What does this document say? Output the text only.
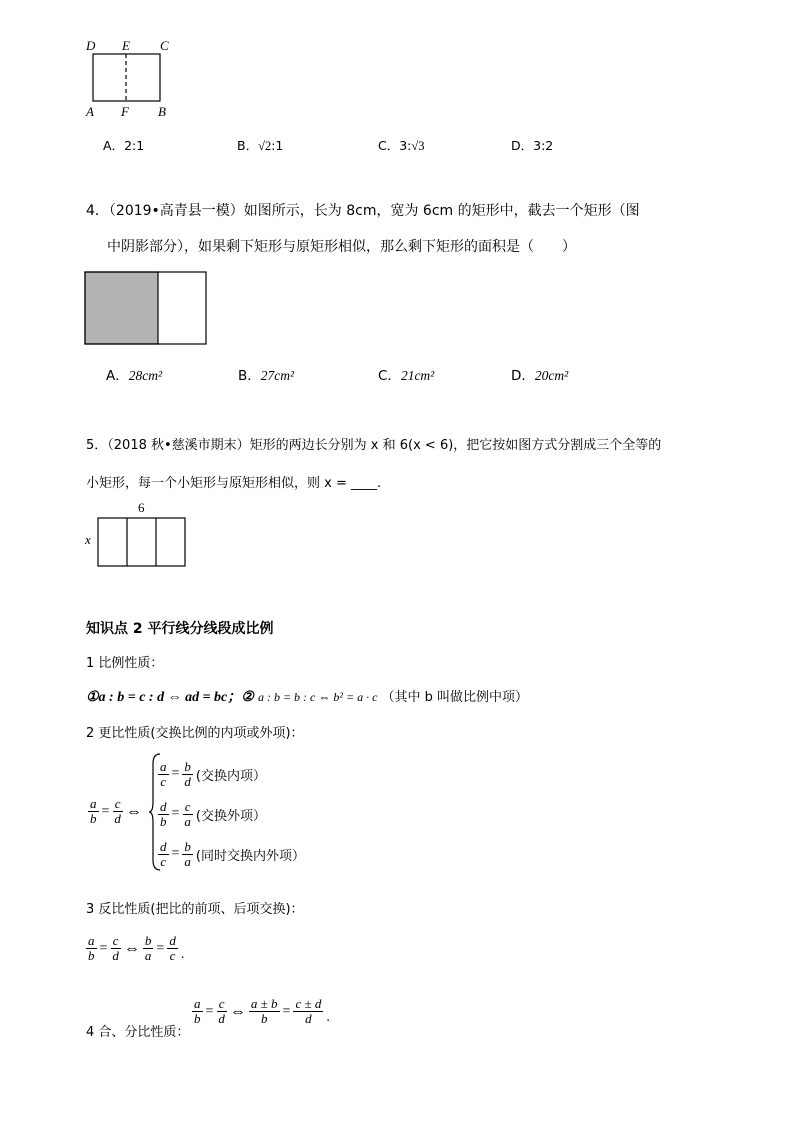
D E C
A F B
A．2:1	B．√2:1	C．3:√3	D．3:2
4．（2019•高青县一模）如图所示，长为 8cm，宽为 6cm 的矩形中，截去一个矩形（图
中阴影部分），如果剩下矩形与原矩形相似，那么剩下矩形的面积是（　　）
A．28cm²	B．27cm²	C．21cm²	D．20cm²
5．（2018 秋•慈溪市期末）矩形的两边长分别为 x 和 6(x < 6)，把它按如图方式分割成三个全等的
小矩形，每一个小矩形与原矩形相似，则 x = ____.
6
x
知识点 2 平行线分线段成比例
1 比例性质：
①a : b = c : d ⇔ ad = bc；② a : b = b : c ⇔ b² = a · c （其中 b 叫做比例中项）
2 更比性质(交换比例的内项或外项)：
$\frac{a}{b} = \frac{c}{d}$ ⇔
$\frac{a}{c} = \frac{b}{d}$ (交换内项）
$\frac{d}{b} = \frac{c}{a}$ (交换外项）
$\frac{d}{c} = \frac{b}{a}$ (同时交换内外项）
3 反比性质(把比的前项、后项交换)：
$\frac{a}{b} = \frac{c}{d}$ ⇔ $\frac{b}{a} = \frac{d}{c}$ .
4 合、分比性质：
$\frac{a}{b} = \frac{c}{d}$ ⇔ $\frac{a \pm b}{b} = \frac{c \pm d}{d}$ .
